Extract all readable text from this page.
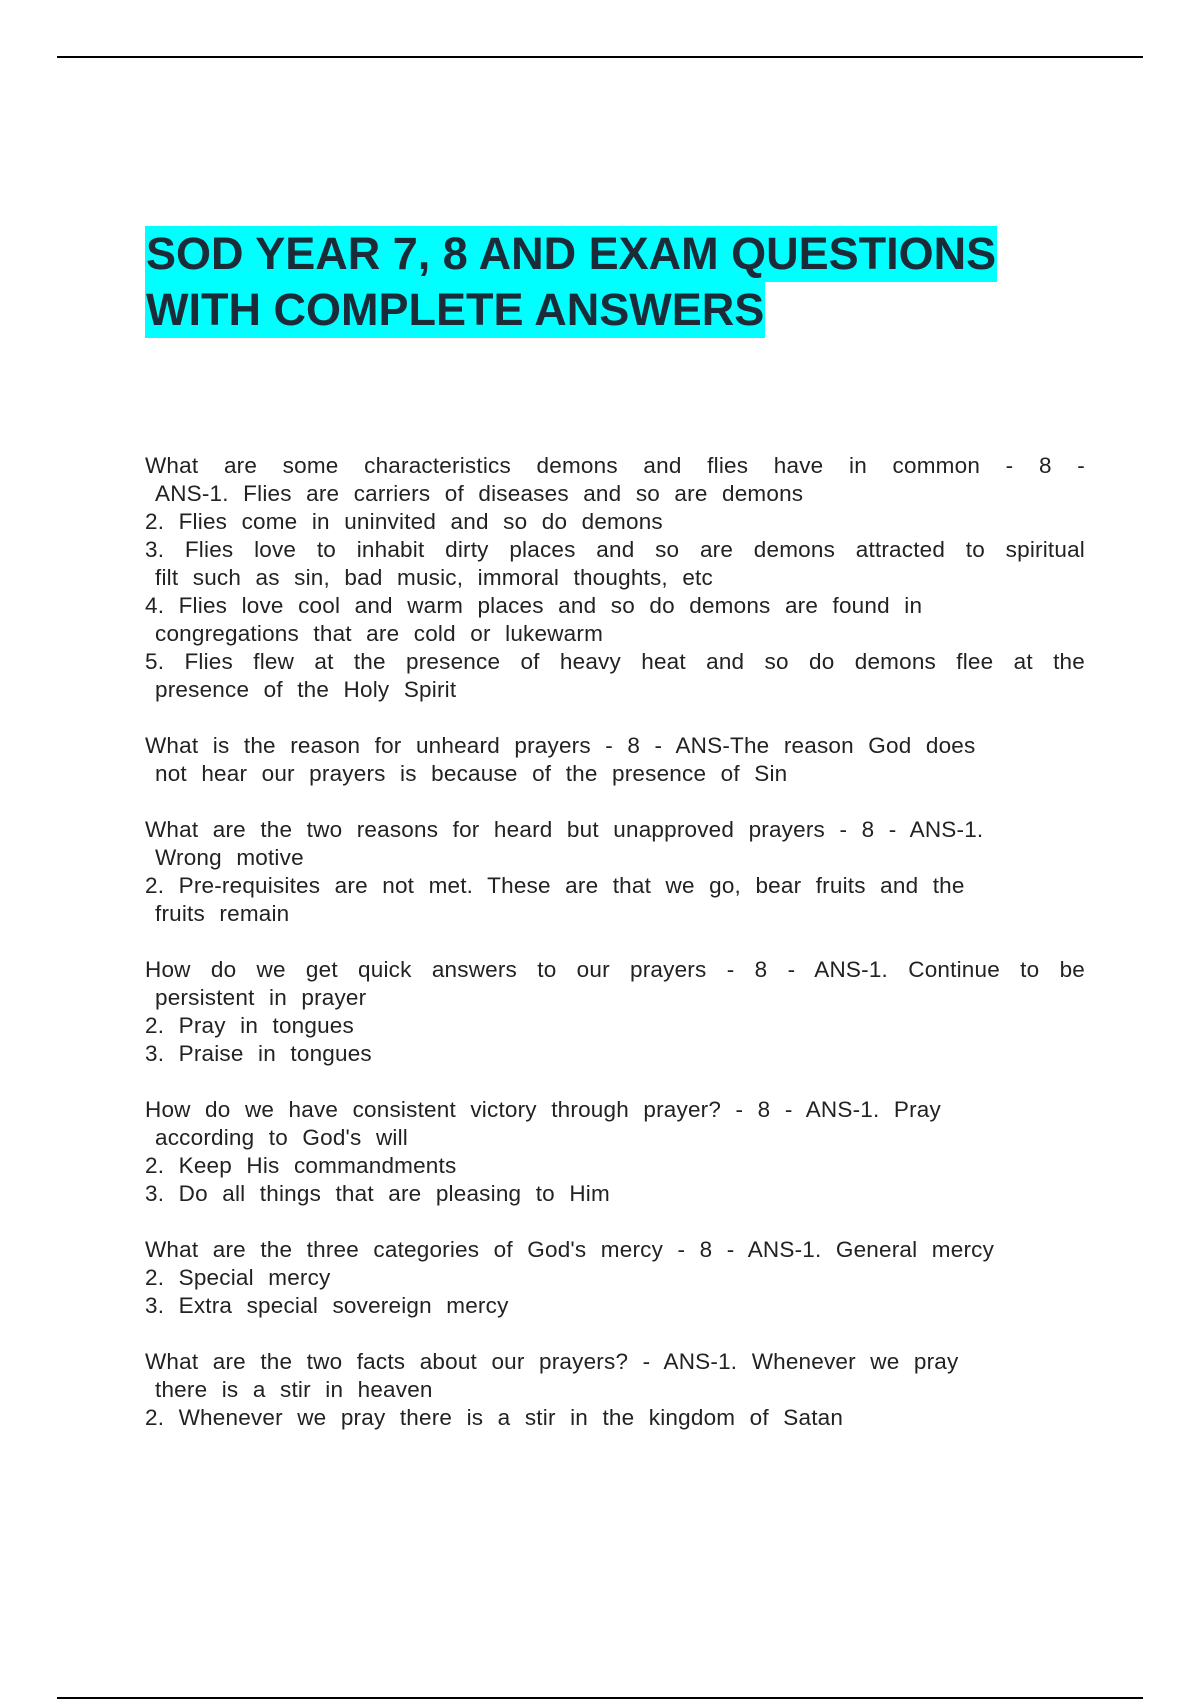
SOD YEAR 7, 8 AND EXAM QUESTIONS
WITH COMPLETE ANSWERS
What are some characteristics demons and flies have in common - 8 -
ANS-1. Flies are carriers of diseases and so are demons
2. Flies come in uninvited and so do demons
3. Flies love to inhabit dirty places and so are demons attracted to spiritual
filt such as sin, bad music, immoral thoughts, etc
4. Flies love cool and warm places and so do demons are found in
congregations that are cold or lukewarm
5. Flies flew at the presence of heavy heat and so do demons flee at the
presence of the Holy Spirit
What is the reason for unheard prayers - 8 - ANS-The reason God does
not hear our prayers is because of the presence of Sin
What are the two reasons for heard but unapproved prayers - 8 - ANS-1.
Wrong motive
2. Pre-requisites are not met. These are that we go, bear fruits and the
fruits remain
How do we get quick answers to our prayers - 8 - ANS-1. Continue to be
persistent in prayer
2. Pray in tongues
3. Praise in tongues
How do we have consistent victory through prayer? - 8 - ANS-1. Pray
according to God's will
2. Keep His commandments
3. Do all things that are pleasing to Him
What are the three categories of God's mercy - 8 - ANS-1. General mercy
2. Special mercy
3. Extra special sovereign mercy
What are the two facts about our prayers? - ANS-1. Whenever we pray
there is a stir in heaven
2. Whenever we pray there is a stir in the kingdom of Satan
